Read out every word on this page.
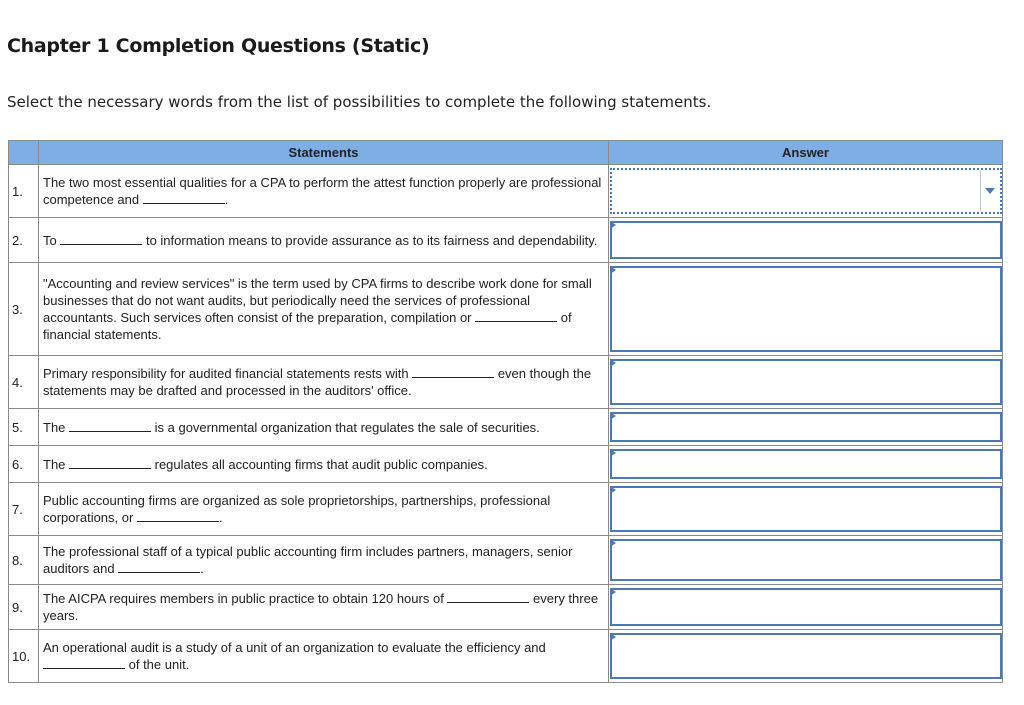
Chapter 1 Completion Questions (Static)
Select the necessary words from the list of possibilities to complete the following statements.
	Statements	Answer
1.	The two most essential qualities for a CPA to perform the attest function properly are professional competence and .	

2.	To to information means to provide assurance as to its fairness and dependability.	

3.	"Accounting and review services" is the term used by CPA firms to describe work done for small businesses that do not want audits, but periodically need the services of professional accountants. Such services often consist of the preparation, compilation or of financial statements.	

4.	Primary responsibility for audited financial statements rests with even though the statements may be drafted and processed in the auditors' office.	

5.	The is a governmental organization that regulates the sale of securities.	

6.	The regulates all accounting firms that audit public companies.	

7.	Public accounting firms are organized as sole proprietorships, partnerships, professional corporations, or .	

8.	The professional staff of a typical public accounting firm includes partners, managers, senior auditors and .	

9.	The AICPA requires members in public practice to obtain 120 hours of every three years.	

10.	An operational audit is a study of a unit of an organization to evaluate the efficiency and  of the unit.	
